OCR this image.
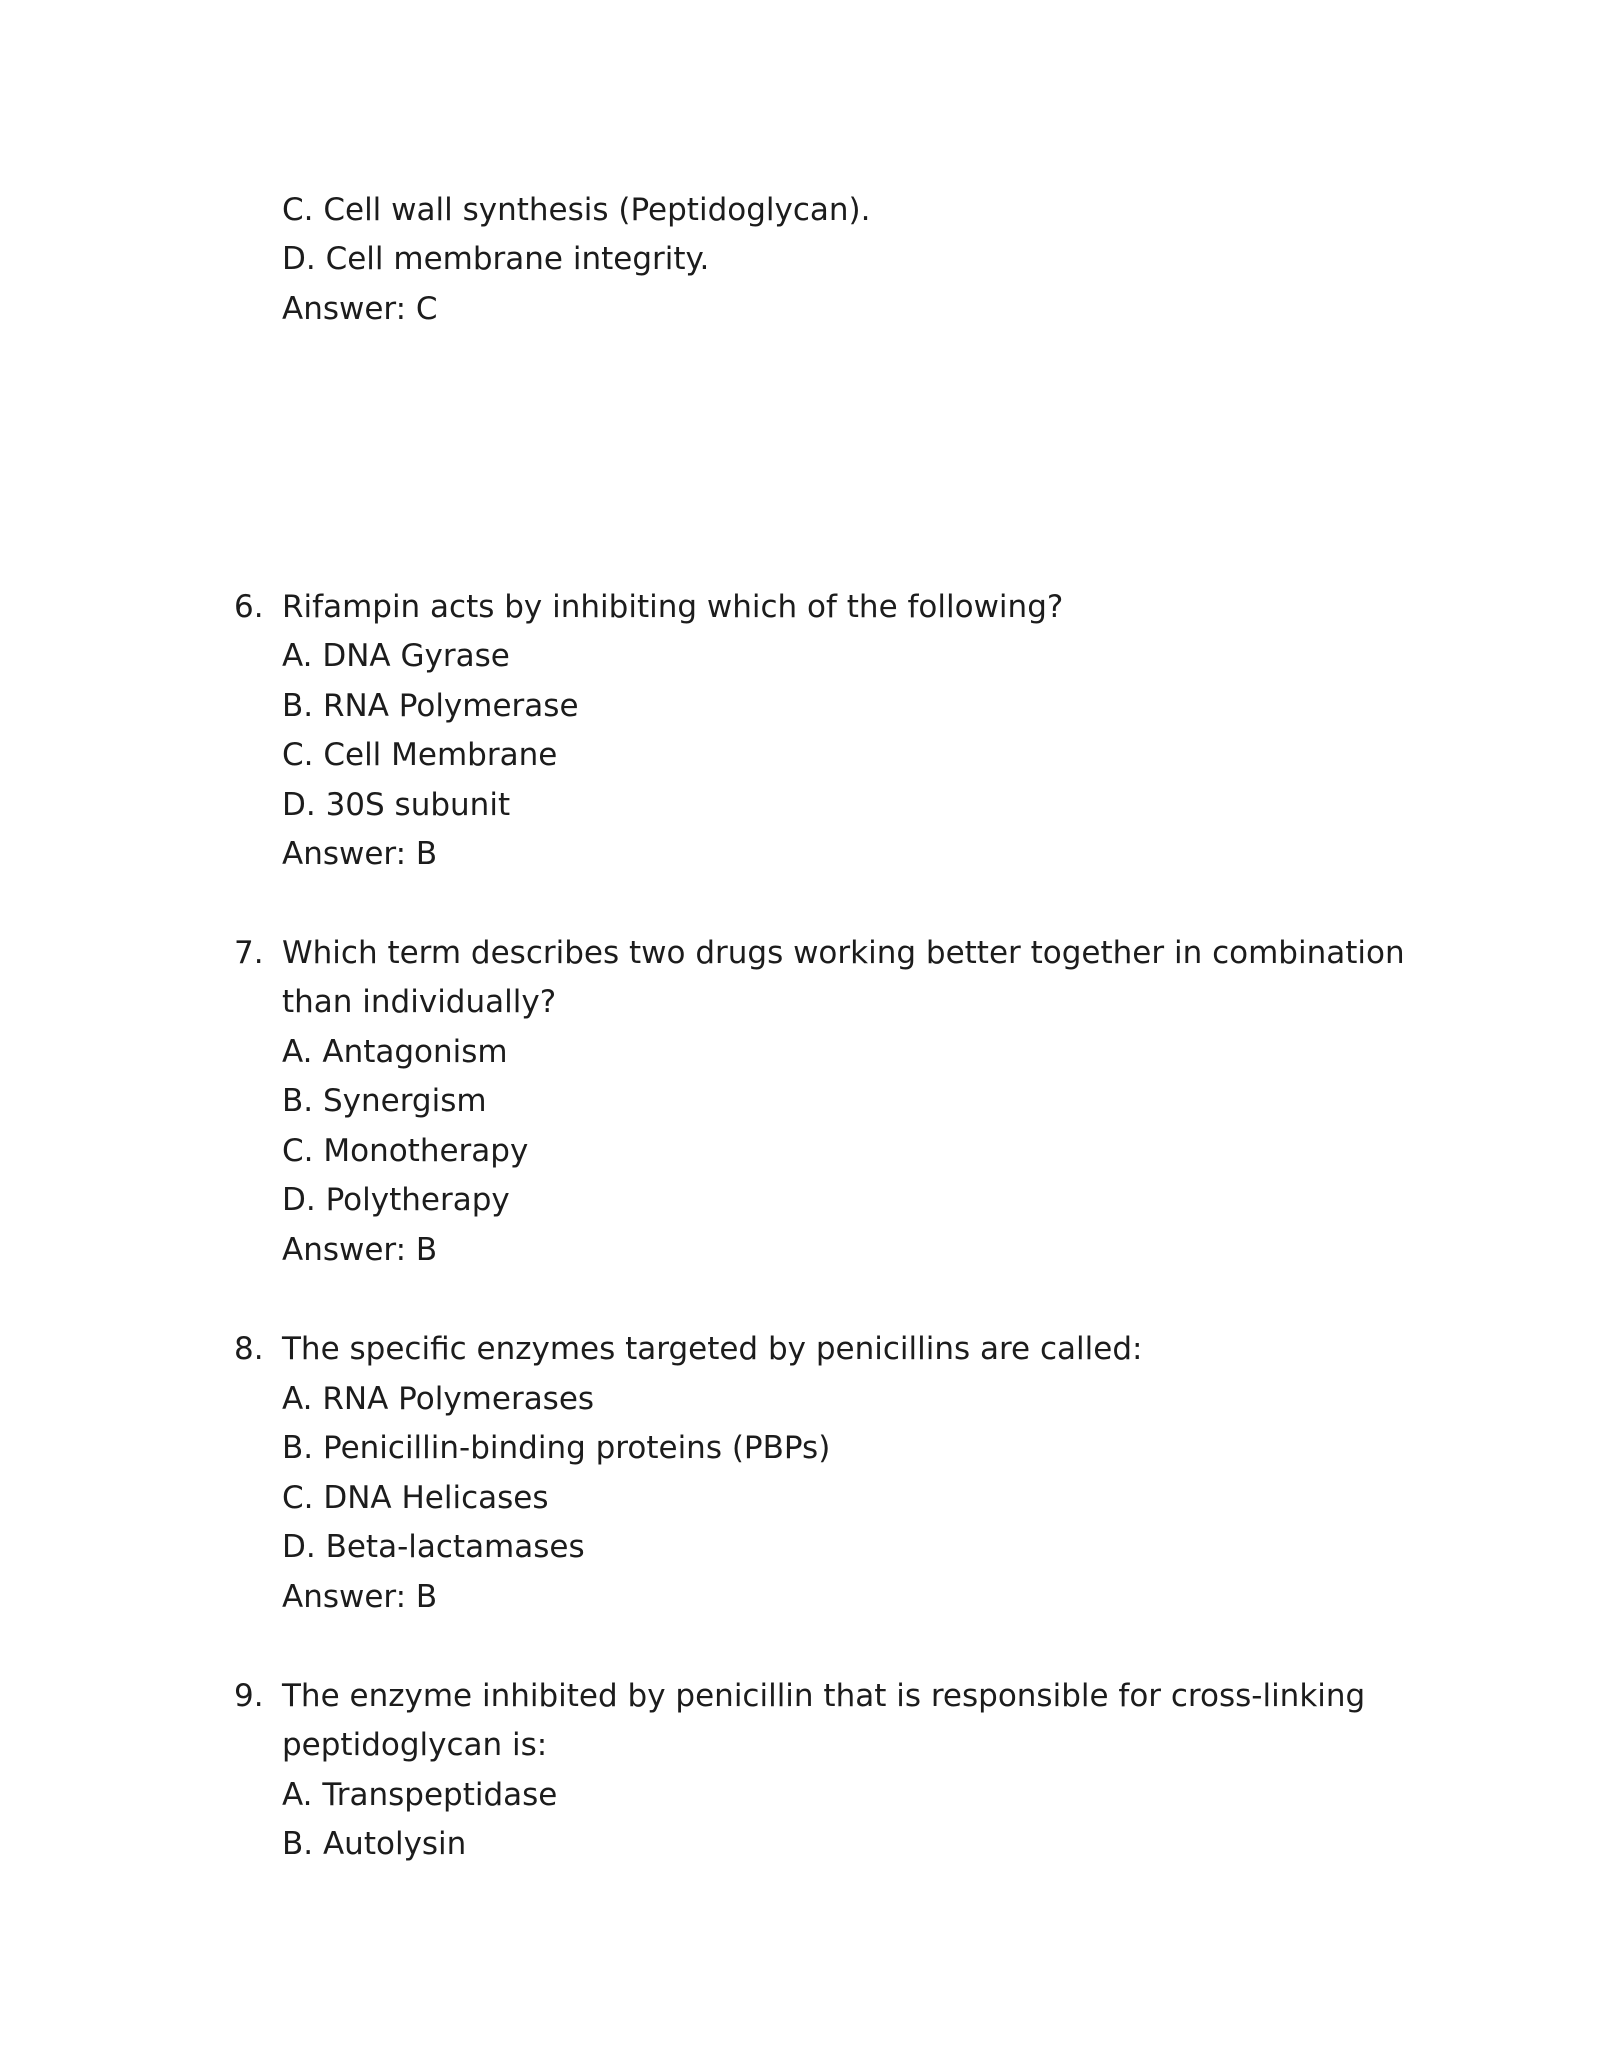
C. Cell wall synthesis (Peptidoglycan).
D. Cell membrane integrity.
Answer: C
6. Rifampin acts by inhibiting which of the following?
A. DNA Gyrase
B. RNA Polymerase
C. Cell Membrane
D. 30S subunit
Answer: B
7. Which term describes two drugs working better together in combination
than individually?
A. Antagonism
B. Synergism
C. Monotherapy
D. Polytherapy
Answer: B
8. The specific enzymes targeted by penicillins are called:
A. RNA Polymerases
B. Penicillin-binding proteins (PBPs)
C. DNA Helicases
D. Beta-lactamases
Answer: B
9. The enzyme inhibited by penicillin that is responsible for cross-linking
peptidoglycan is:
A. Transpeptidase
B. Autolysin
